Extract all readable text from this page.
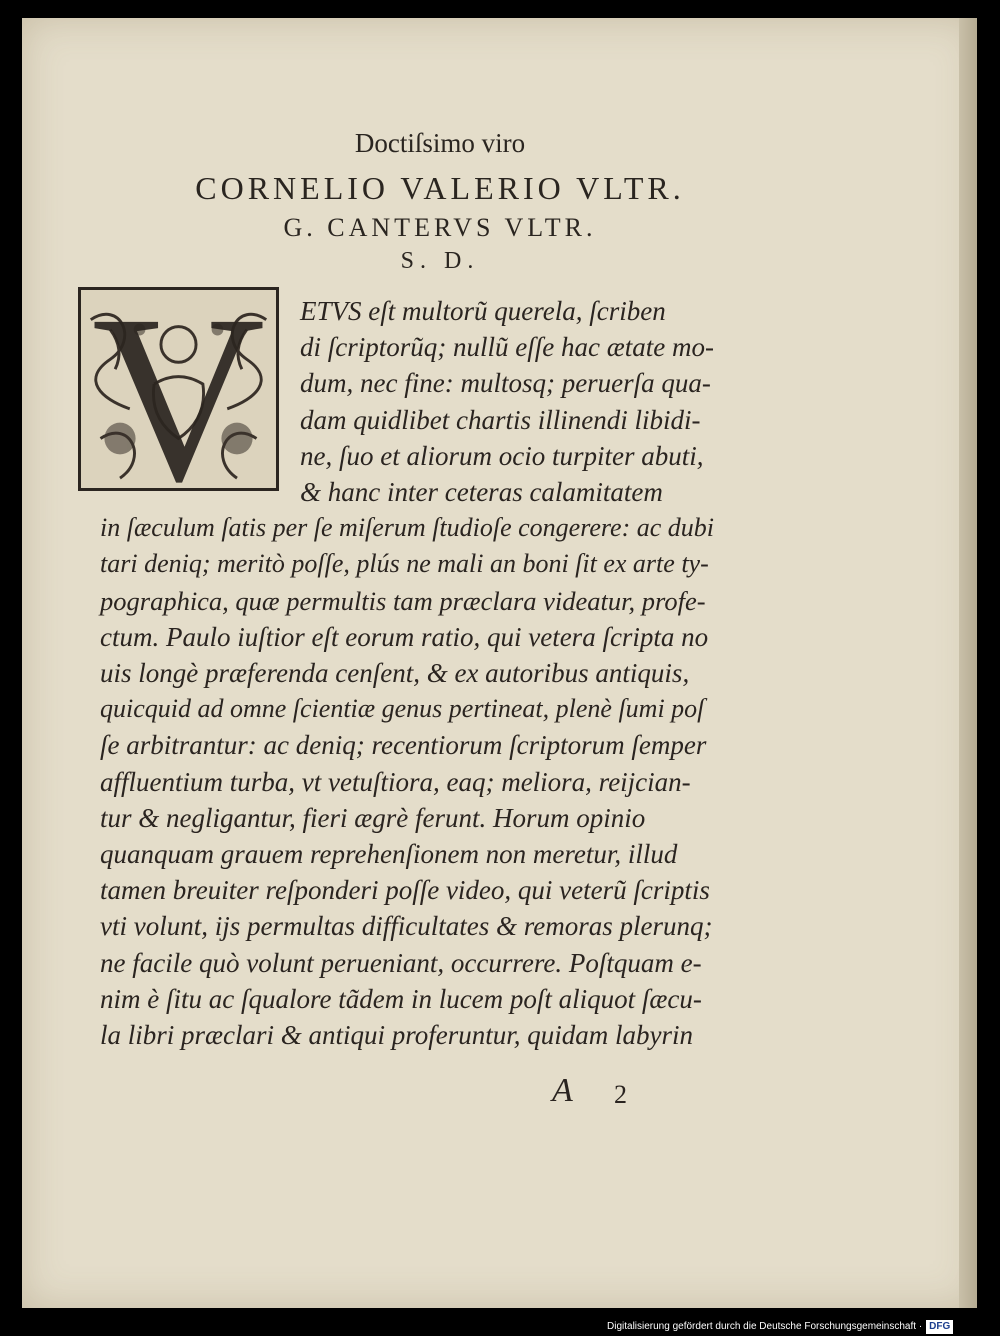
Doctiſsimo viro
CORNELIO VALERIO VLTR.
G. CANTERVS VLTR.
S. D.
V	ETVS eſt multorũ querela, ſcriben
di ſcriptorũq; nullũ eſſe hac ætate mo-
dum, nec fine: multosq; peruerſa qua-
dam quidlibet chartis illinendi libidi-
ne, ſuo et aliorum ocio turpiter abuti,
& hanc inter ceteras calamitatem
in ſæculum ſatis per ſe miſerum ſtudioſe congerere: ac dubi
tari deniq; meritò poſſe, plús ne mali an boni ſit ex arte ty-
pographica, quæ permultis tam præclara videatur, profe-
ctum. Paulo iuſtior eſt eorum ratio, qui vetera ſcripta no
uis longè præferenda cenſent, & ex autoribus antiquis,
quicquid ad omne ſcientiæ genus pertineat, plenè ſumi poſ
ſe arbitrantur: ac deniq; recentiorum ſcriptorum ſemper
affluentium turba, vt vetuſtiora, eaq; meliora, reijcian-
tur & negligantur, fieri ægrè ferunt. Horum opinio
quanquam grauem reprehenſionem non meretur, illud
tamen breuiter reſponderi poſſe video, qui veterũ ſcriptis
vti volunt, ijs permultas difficultates & remoras plerunq;
ne facile quò volunt perueniant, occurrere. Poſtquam e-
nim è ſitu ac ſqualore tãdem in lucem poſt aliquot ſæcu-
la libri præclari & antiqui proferuntur, quidam labyrin
A 2
Digitalisierung gefördert durch die Deutsche Forschungsgemeinschaft · DFG
